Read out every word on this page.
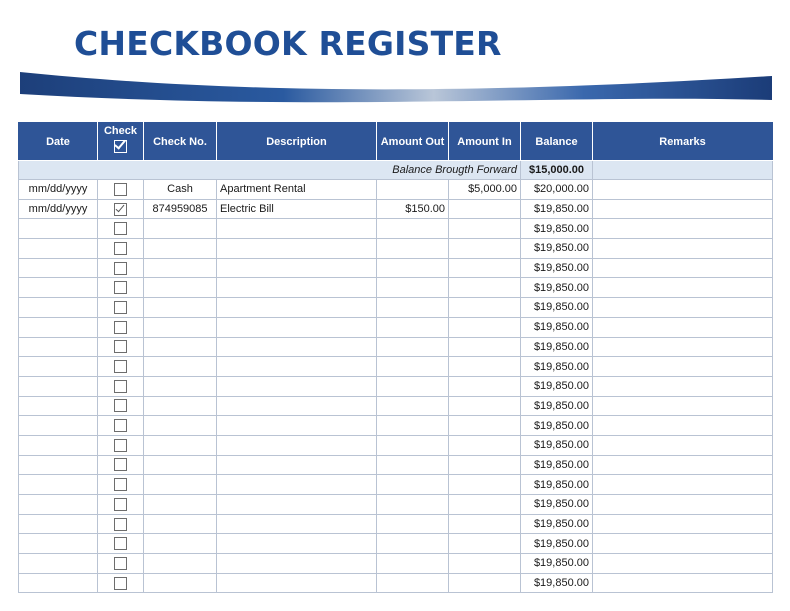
CHECKBOOK REGISTER
Date	Check	Check No.	Description	Amount Out	Amount In	Balance	Remarks
Balance Brougth Forward						$15,000.00	
mm/dd/yyyy		Cash	Apartment Rental		$5,000.00	$20,000.00	
mm/dd/yyyy		874959085	Electric Bill	$150.00		$19,850.00	
						$19,850.00	
						$19,850.00	
						$19,850.00	
						$19,850.00	
						$19,850.00	
						$19,850.00	
						$19,850.00	
						$19,850.00	
						$19,850.00	
						$19,850.00	
						$19,850.00	
						$19,850.00	
						$19,850.00	
						$19,850.00	
						$19,850.00	
						$19,850.00	
						$19,850.00	
						$19,850.00	
						$19,850.00	
